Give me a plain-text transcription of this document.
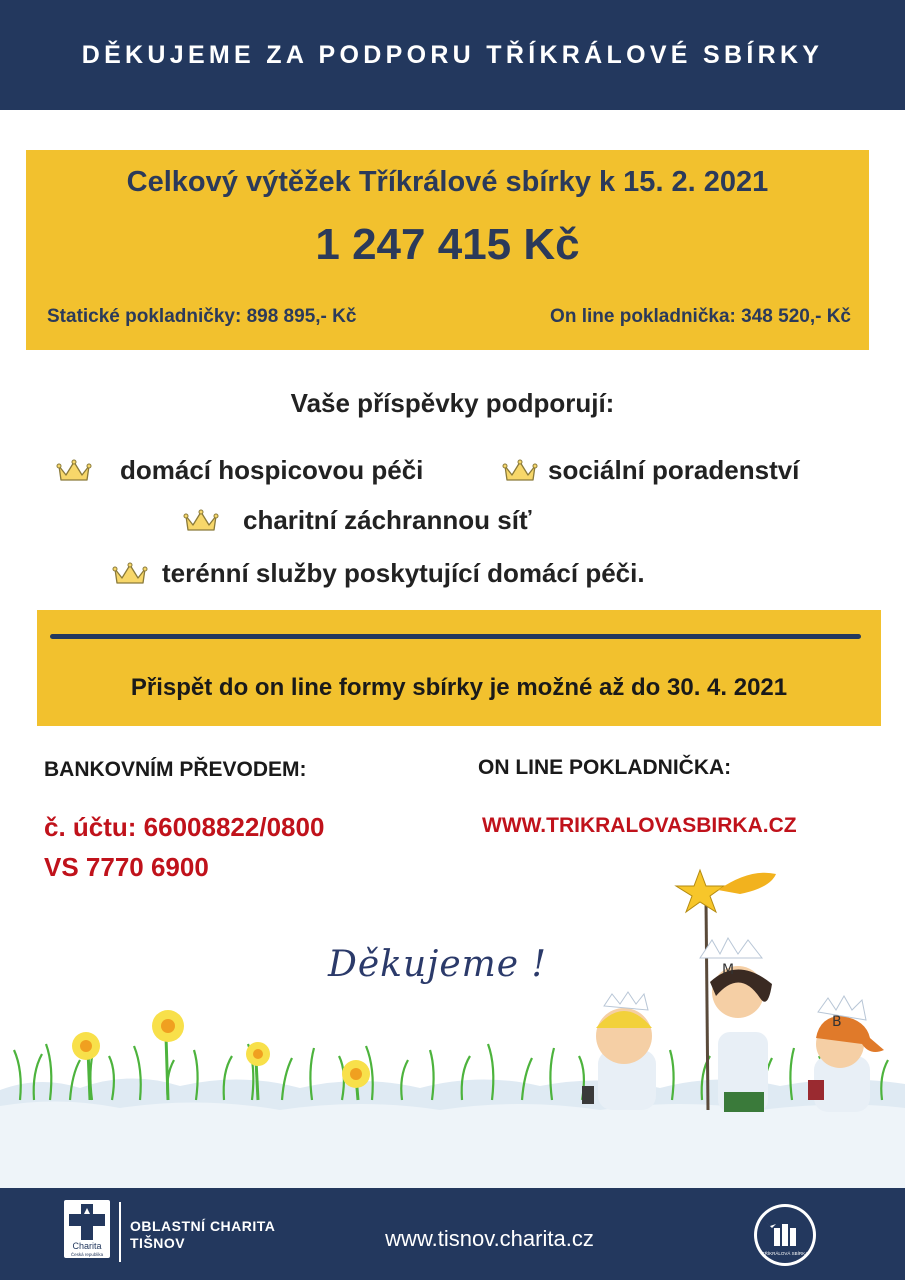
DĚKUJEME ZA PODPORU TŘÍKRÁLOVÉ SBÍRKY
Celkový výtěžek Tříkrálové sbírky k 15. 2. 2021
1 247 415 Kč
Statické pokladničky: 898 895,- Kč	On line pokladnička: 348 520,- Kč
Vaše příspěvky podporují:
domácí hospicovou péči	sociální poradenství
charitní záchrannou síť
terénní služby poskytující domácí péči.
Přispět do on line formy sbírky je možné až do 30. 4. 2021
BANKOVNÍM PŘEVODEM:	ON LINE POKLADNIČKA:
č. účtu: 66008822/0800
VS 7770 6900
WWW.TRIKRALOVASBIRKA.CZ
M
B
Děkujeme !
Charita
Česká republika
OBLASTNÍ CHARITA
TIŠNOV	www.tisnov.charita.cz
TŘÍKRÁLOVÁ SBÍRKA
